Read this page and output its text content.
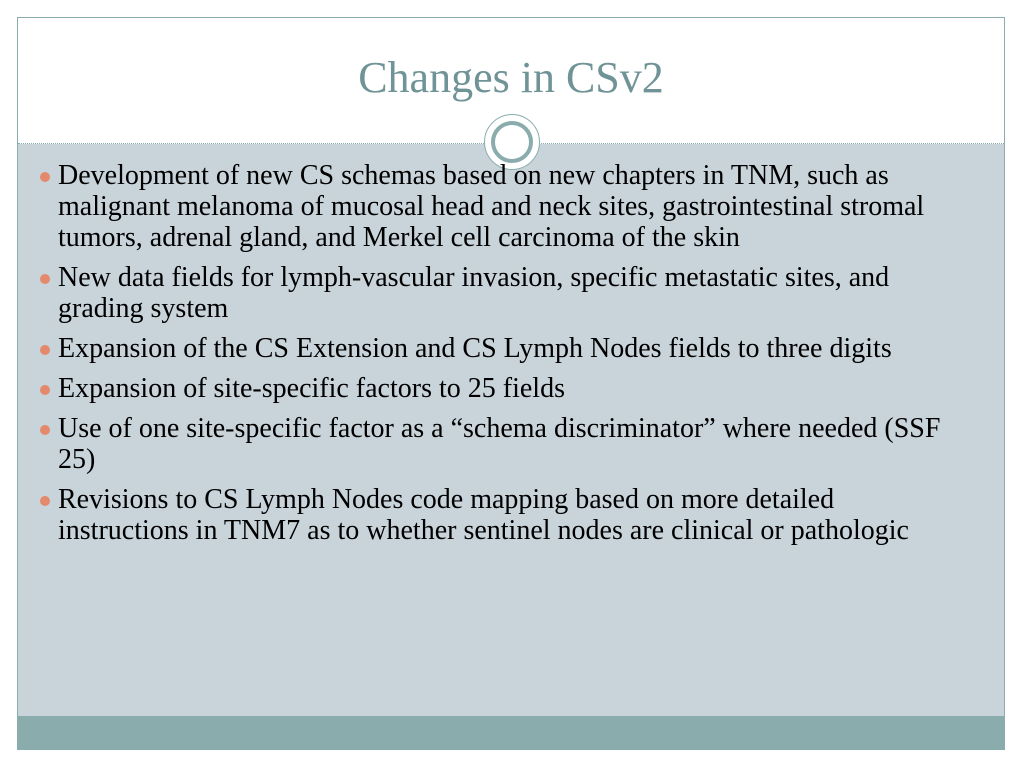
Changes in CSv2
Development of new CS schemas based on new chapters in TNM, such as malignant melanoma of mucosal head and neck sites, gastrointestinal stromal tumors, adrenal gland, and Merkel cell carcinoma of the skin
New data fields for lymph-vascular invasion, specific metastatic sites, and grading system
Expansion of the CS Extension and CS Lymph Nodes fields to three digits
Expansion of site-specific factors to 25 fields
Use of one site-specific factor as a “schema discriminator” where needed (SSF 25)
Revisions to CS Lymph Nodes code mapping based on more detailed instructions in TNM7 as to whether sentinel nodes are clinical or pathologic
